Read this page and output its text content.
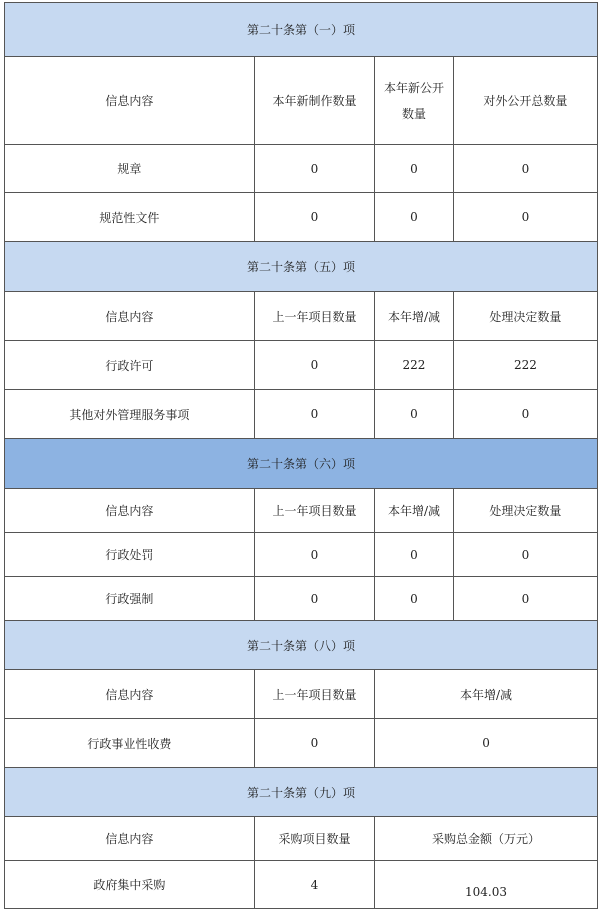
第二十条第（一）项			
信息内容	本年新制作数量	本年新公开数量	对外公开总数量
规章	0	0	0
规范性文件	0	0	0
第二十条第（五）项			
信息内容	上一年项目数量	本年增/减	处理决定数量
行政许可	0	222	222
其他对外管理服务事项	0	0	0
第二十条第（六）项			
信息内容	上一年项目数量	本年增/减	处理决定数量
行政处罚	0	0	0
行政强制	0	0	0
第二十条第（八）项			
信息内容	上一年项目数量	本年增/减	
行政事业性收费	0	0	
第二十条第（九）项			
信息内容	采购项目数量	采购总金额（万元）	
政府集中采购	4	104.03	
